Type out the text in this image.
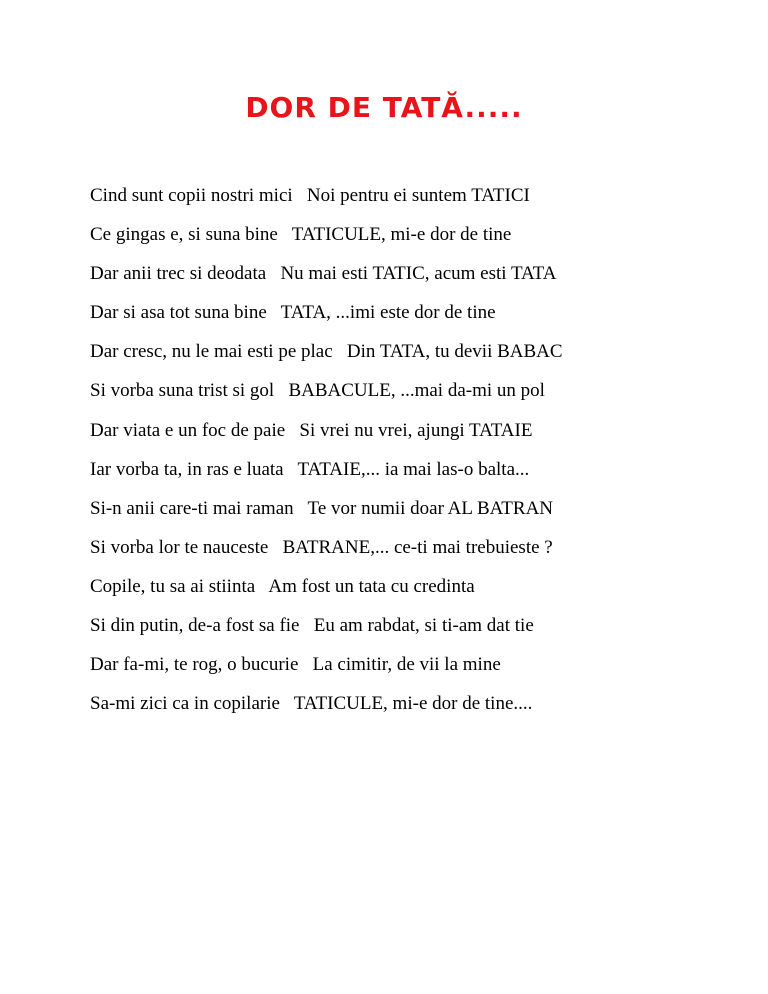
DOR DE TATĂ.....
Cind sunt copii nostri mici   Noi pentru ei suntem TATICI
Ce gingas e, si suna bine   TATICULE, mi-e dor de tine
Dar anii trec si deodata   Nu mai esti TATIC, acum esti TATA
Dar si asa tot suna bine   TATA, ...imi este dor de tine
Dar cresc, nu le mai esti pe plac   Din TATA, tu devii BABAC
Si vorba suna trist si gol   BABACULE, ...mai da-mi un pol
Dar viata e un foc de paie   Si vrei nu vrei, ajungi TATAIE
Iar vorba ta, in ras e luata   TATAIE,... ia mai las-o balta...
Si-n anii care-ti mai raman   Te vor numii doar AL BATRAN
Si vorba lor te nauceste   BATRANE,... ce-ti mai trebuieste ?
Copile, tu sa ai stiinta   Am fost un tata cu credinta
Si din putin, de-a fost sa fie   Eu am rabdat, si ti-am dat tie
Dar fa-mi, te rog, o bucurie   La cimitir, de vii la mine
Sa-mi zici ca in copilarie   TATICULE, mi-e dor de tine....
